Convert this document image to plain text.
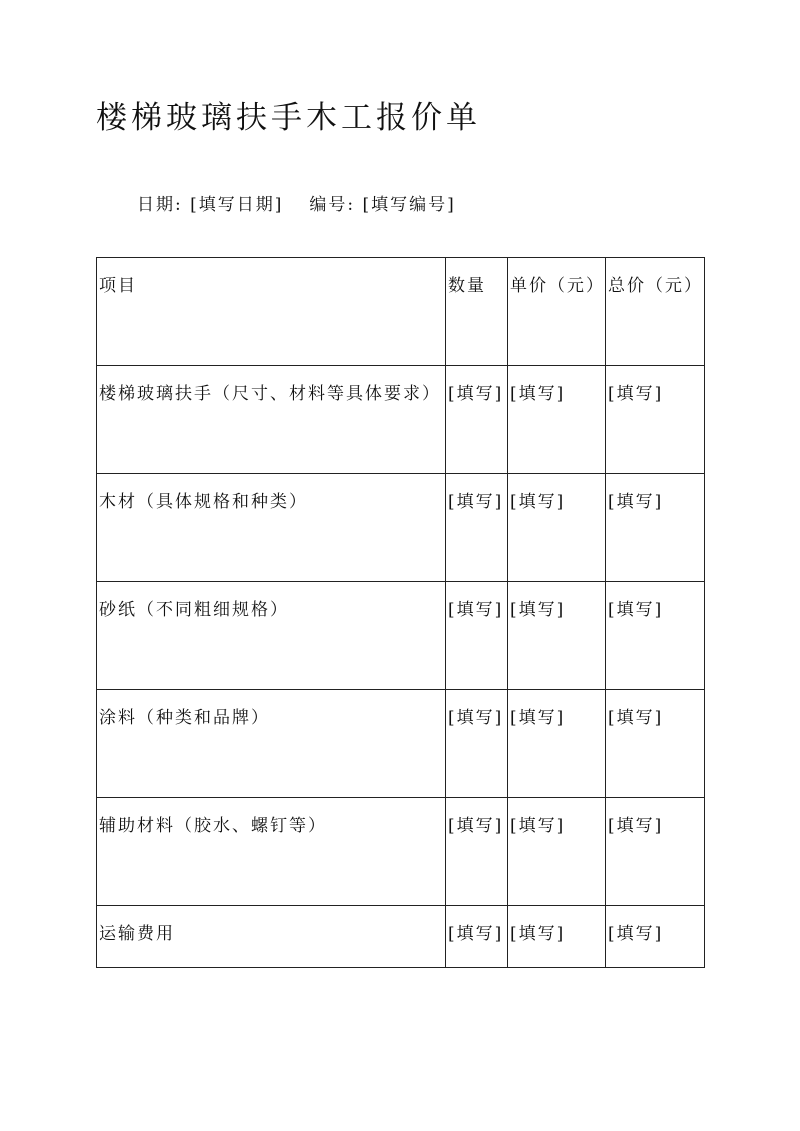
楼梯玻璃扶手木工报价单
日期: [填写日期] 编号: [填写编号]
项目	数量	单价（元）	总价（元）
楼梯玻璃扶手（尺寸、材料等具体要求）	[填写]	[填写]	[填写]
木材（具体规格和种类）	[填写]	[填写]	[填写]
砂纸（不同粗细规格）	[填写]	[填写]	[填写]
涂料（种类和品牌）	[填写]	[填写]	[填写]
辅助材料（胶水、螺钉等）	[填写]	[填写]	[填写]
运输费用	[填写]	[填写]	[填写]
